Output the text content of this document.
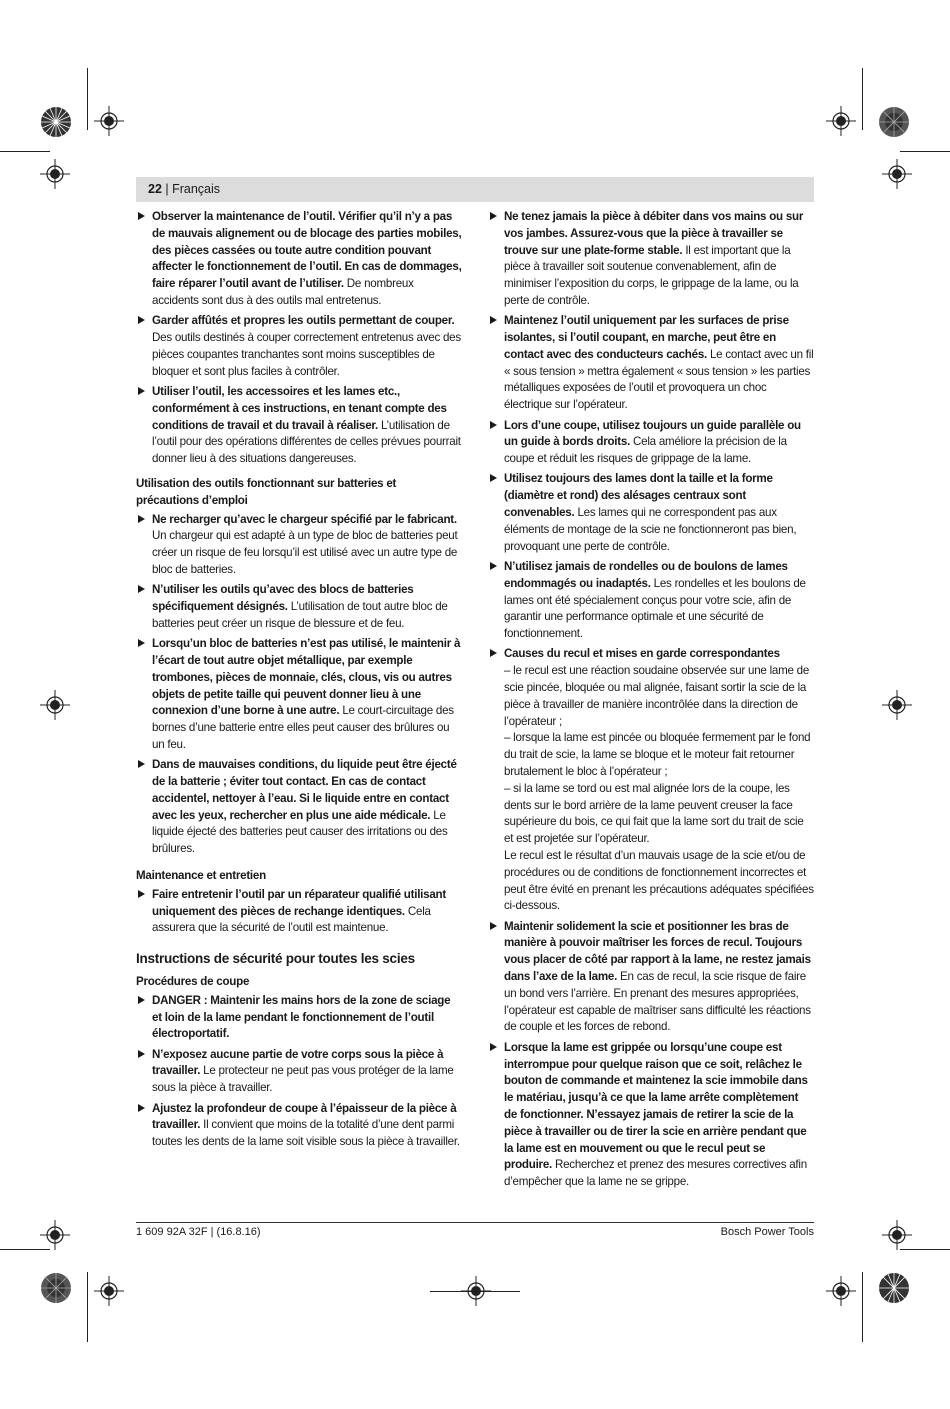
22 | Français
Observer la maintenance de l’outil. Vérifier qu’il n’y a pas de mauvais alignement ou de blocage des parties mobiles, des pièces cassées ou toute autre condition pouvant affecter le fonctionnement de l’outil. En cas de dommages, faire réparer l’outil avant de l’utiliser. De nombreux accidents sont dus à des outils mal entretenus.
Garder affûtés et propres les outils permettant de couper. Des outils destinés à couper correctement entretenus avec des pièces coupantes tranchantes sont moins susceptibles de bloquer et sont plus faciles à contrôler.
Utiliser l’outil, les accessoires et les lames etc., conformément à ces instructions, en tenant compte des conditions de travail et du travail à réaliser. L’utilisation de l’outil pour des opérations différentes de celles prévues pourrait donner lieu à des situations dangereuses.
Utilisation des outils fonctionnant sur batteries et précautions d’emploi
Ne recharger qu’avec le chargeur spécifié par le fabricant. Un chargeur qui est adapté à un type de bloc de batteries peut créer un risque de feu lorsqu’il est utilisé avec un autre type de bloc de batteries.
N’utiliser les outils qu’avec des blocs de batteries spécifiquement désignés. L’utilisation de tout autre bloc de batteries peut créer un risque de blessure et de feu.
Lorsqu’un bloc de batteries n’est pas utilisé, le maintenir à l’écart de tout autre objet métallique, par exemple trombones, pièces de monnaie, clés, clous, vis ou autres objets de petite taille qui peuvent donner lieu à une connexion d’une borne à une autre. Le court-circuitage des bornes d’une batterie entre elles peut causer des brûlures ou un feu.
Dans de mauvaises conditions, du liquide peut être éjecté de la batterie ; éviter tout contact. En cas de contact accidentel, nettoyer à l’eau. Si le liquide entre en contact avec les yeux, rechercher en plus une aide médicale. Le liquide éjecté des batteries peut causer des irritations ou des brûlures.
Maintenance et entretien
Faire entretenir l’outil par un réparateur qualifié utilisant uniquement des pièces de rechange identiques. Cela assurera que la sécurité de l’outil est maintenue.
Instructions de sécurité pour toutes les scies
Procédures de coupe
DANGER : Maintenir les mains hors de la zone de sciage et loin de la lame pendant le fonctionnement de l’outil électroportatif.
N’exposez aucune partie de votre corps sous la pièce à travailler. Le protecteur ne peut pas vous protéger de la lame sous la pièce à travailler.
Ajustez la profondeur de coupe à l’épaisseur de la pièce à travailler. Il convient que moins de la totalité d’une dent parmi toutes les dents de la lame soit visible sous la pièce à travailler.
Ne tenez jamais la pièce à débiter dans vos mains ou sur vos jambes. Assurez-vous que la pièce à travailler se trouve sur une plate-forme stable. Il est important que la pièce à travailler soit soutenue convenablement, afin de minimiser l’exposition du corps, le grippage de la lame, ou la perte de contrôle.
Maintenez l’outil uniquement par les surfaces de prise isolantes, si l’outil coupant, en marche, peut être en contact avec des conducteurs cachés. Le contact avec un fil « sous tension » mettra également « sous tension » les parties métalliques exposées de l’outil et provoquera un choc électrique sur l’opérateur.
Lors d’une coupe, utilisez toujours un guide parallèle ou un guide à bords droits. Cela améliore la précision de la coupe et réduit les risques de grippage de la lame.
Utilisez toujours des lames dont la taille et la forme (diamètre et rond) des alésages centraux sont convenables. Les lames qui ne correspondent pas aux éléments de montage de la scie ne fonctionneront pas bien, provoquant une perte de contrôle.
N’utilisez jamais de rondelles ou de boulons de lames endommagés ou inadaptés. Les rondelles et les boulons de lames ont été spécialement conçus pour votre scie, afin de garantir une performance optimale et une sécurité de fonctionnement.
Causes du recul et mises en garde correspondantes
– le recul est une réaction soudaine observée sur une lame de scie pincée, bloquée ou mal alignée, faisant sortir la scie de la pièce à travailler de manière incontrôlée dans la direction de l’opérateur ;
– lorsque la lame est pincée ou bloquée fermement par le fond du trait de scie, la lame se bloque et le moteur fait retourner brutalement le bloc à l’opérateur ;
– si la lame se tord ou est mal alignée lors de la coupe, les dents sur le bord arrière de la lame peuvent creuser la face supérieure du bois, ce qui fait que la lame sort du trait de scie et est projetée sur l’opérateur.
Le recul est le résultat d’un mauvais usage de la scie et/ou de procédures ou de conditions de fonctionnement incorrectes et peut être évité en prenant les précautions adéquates spécifiées ci-dessous.
Maintenir solidement la scie et positionner les bras de manière à pouvoir maîtriser les forces de recul. Toujours vous placer de côté par rapport à la lame, ne restez jamais dans l’axe de la lame. En cas de recul, la scie risque de faire un bond vers l’arrière. En prenant des mesures appropriées, l’opérateur est capable de maîtriser sans difficulté les réactions de couple et les forces de rebond.
Lorsque la lame est grippée ou lorsqu’une coupe est interrompue pour quelque raison que ce soit, relâchez le bouton de commande et maintenez la scie immobile dans le matériau, jusqu’à ce que la lame arrête complètement de fonctionner. N’essayez jamais de retirer la scie de la pièce à travailler ou de tirer la scie en arrière pendant que la lame est en mouvement ou que le recul peut se produire. Recherchez et prenez des mesures correctives afin d’empêcher que la lame ne se grippe.
1 609 92A 32F | (16.8.16)	Bosch Power Tools
